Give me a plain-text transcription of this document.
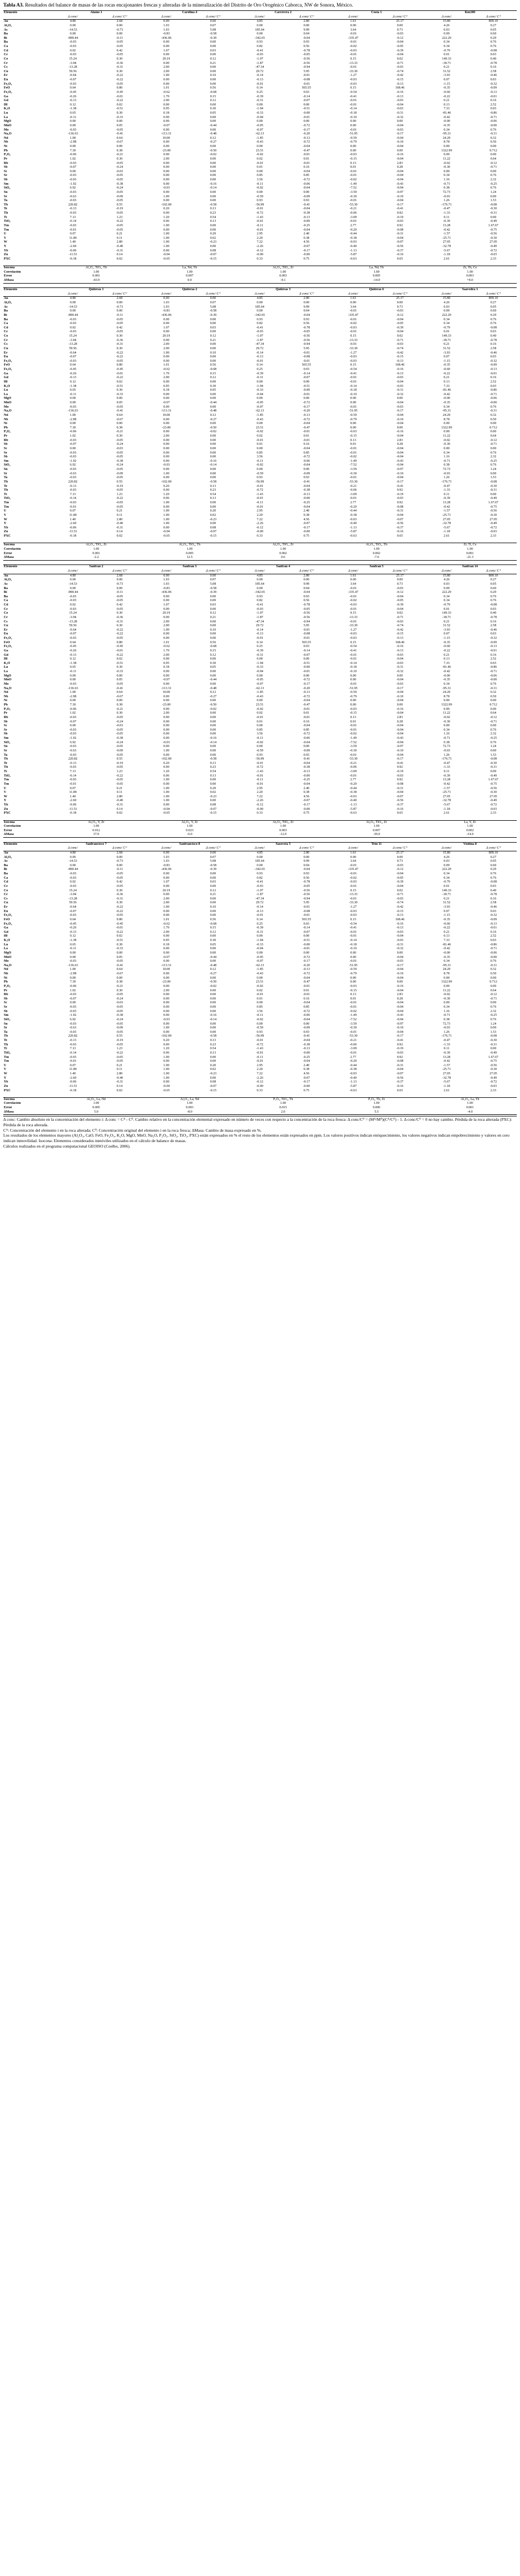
Tabla A3. Resultados del balance de masas de las rocas encajonantes frescas y alteradas de la mineralización del Distrito de Oro Orogénico Caborca, NW de Sonora, México.
Elemento	Alamo 1		Carolina 4		Carrerera 2		Costa 1		Km100	
	Δ conc/	Δ conc/ C⁰	Δ conc/	Δ conc/ C⁰	Δ conc/	Δ conc/ C⁰	Δ conc/	Δ conc/ C⁰	Δ conc/	Δ conc/ C⁰
Au	4.80	2.68	0.00	0.00	4.85	2.80	1.61	25.17	15.80	809.10
Al₂O₃	0.00	0.00	1.03	0.07	0.00	0.00	0.00	0.00	4.26	0.27
As	-14.53	-0.73	1.03	5.08	185.64	9.99	3.64	0.73	0.03	0.05
Ba	0.00	0.00	-0.83	-0.58	0.00	0.04	-0.01	-0.03	0.09	0.60
Bi	-890.44	-0.11	-436.06	-0.39	-342.65	-0.04	-335.47	-0.12	222.29	0.29
Ba	-0.03	-0.05	0.00	0.00	0.93	0.93	-0.01	-0.04	0.34	0.76
Ca	-0.03	-0.05	0.00	0.00	0.82	0.56	-0.02	-0.05	0.34	0.76
Cd	0.02	0.42	1.07	0.03	-0.41	-0.78	-0.03	-0.39	-0.79	-0.08
Ce	-0.03	-0.05	0.00	0.00	-0.03	-0.05	-0.01	-0.04	0.01	0.03
Co	15.24	0.30	20.19	0.12	-1.07	-0.56	0.15	0.02	149.33	0.40
Cr	-3.94	-0.36	0.00	0.21	-1.87	-0.56	-13.33	-0.71	-18.71	-0.78
Cs	-13.28	-0.31	2.00	0.00	-47.34	-0.94	-0.01	-0.03	0.21	0.16
Cu	59.56	0.30	2.00	0.00	29.72	5.95	-33.30	-0.74	31.52	2.58
Er	-0.64	-0.22	1.00	0.10	-0.14	-0.01	-1.27	-0.42	-3.93	-0.46
Eu	-0.07	-0.22	0.00	0.00	-0.13	-0.08	-0.03	-0.15	0.07	0.03
Fe₂O₃	-0.03	-0.05	0.00	0.00	-0.01	-0.01	-0.03	-0.13	-1.15	-0.32
FeO	0.64	0.80	1.01	0.56	0.14	565.55	0.15	168.46	-0.35	-0.09
Fe₂O₃	-0.45	-0.45	-0.62	-0.68	0.25	0.03	-0.54	-0.16	-0.60	-0.13
Ga	-0.26	-0.01	1.70	0.15	-0.39	-0.14	-0.41	-0.13	-0.22	-0.01
Gd	-0.13	-0.22	2.00	0.12	-0.31	-0.07	-0.01	-0.03	0.21	0.16
Hf	0.12	0.02	0.00	0.00	0.00	0.00	-0.01	-0.04	0.13	2.52
K₂O	-1.38	-0.51	0.95	0.30	-1.94	-0.51	-0.14	-0.03	7.33	0.03
Lu	0.65	0.30	0.18	0.05	-0.33	-0.00	-0.18	-0.31	-81.46	-0.86
La	-0.11	-0.33	0.00	0.00	-0.04	-0.01	-0.10	-0.32	-0.42	-0.71
MgO	0.00	0.00	0.00	0.00	0.00	0.00	0.00	0.00	-0.00	-0.06
MnO	0.00	0.05	-0.07	-0.44	-0.05	-0.72	0.00	-0.04	-0.35	-0.00
Mo	-0.03	-0.05	0.00	0.00	-0.07	-0.17	-0.01	-0.03	0.34	0.76
Na₂O	-136.63	-0.41	-113.31	-0.48	-62.13	-0.20	-51.95	-0.17	-95.31	-0.31
Nd	1.00	0.64	10.00	0.12	-1.85	-0.13	-0.59	-0.04	24.29	0.32
Nb	-2.98	-0.67	0.00	-0.27	-0.43	-0.72	-0.79	-0.10	8.78	0.50
Ni	0.00	0.00	0.00	0.00	0.00	-0.04	0.00	-0.04	0.00	0.00
Pb	7.30	0.38	-23.00	-0.50	23.51	-0.47	0.00	0.00	1322.99	0.712
P₂O₅	-0.06	-0.21	0.00	-0.02	-0.02	-0.01	-0.03	-0.16	0.00	0.00
Pr	1.02	0.30	2.00	0.00	0.02	0.01	-0.15	-0.04	11.22	0.64
Rb	-0.03	-0.05	0.00	0.00	-0.01	-0.01	0.13	2.83	-0.02	-0.12
Sb	-0.07	-0.24	0.00	0.00	0.01	0.16	0.01	0.28	-0.30	-0.71
Sc	0.00	-0.03	0.00	0.00	0.00	-0.04	-0.01	-0.04	0.00	0.00
Se	-0.03	-0.05	0.00	0.00	0.85	0.85	-0.01	-0.04	0.34	0.76
Sb	-0.03	-0.05	0.00	0.00	3.56	-0.72	-0.02	-0.04	1.16	2.32
Sm	-1.92	-0.38	0.00	-0.16	-0.11	-0.06	-1.49	-0.43	-0.71	-0.25
SiO₂	6.92	-0.24	-0.03	-0.14	-0.02	-0.04	-7.52	-0.94	0.38	0.76
Sn	-0.03	-0.05	0.00	0.00	0.00	0.00	-3.59	-0.97	72.73	1.24
Sr	-0.63	-0.09	1.00	0.00	-0.59	-0.09	-0.30	-0.10	-0.03	0.00
Ta	-0.03	-0.05	0.00	0.00	0.93	0.93	-0.01	-0.04	1.26	1.53
Tb	220.82	0.55	-102.00	-0.58	-56.99	-0.41	-53.30	-0.17	-176.71	-0.08
Te	-0.13	-0.19	0.20	0.13	-0.01	-0.04	-0.21	-0.41	-0.47	-0.30
Th	-0.03	-0.05	0.00	0.23	-0.72	-0.38	-0.06	0.92	-1.33	-0.31
Ti	7.13	1.23	1.20	0.54	-1.43	-0.13	-3.09	-0.19	0.11	0.00
TiO₂	-0.14	-0.22	0.06	0.13	-0.01	-0.00	-0.01	-0.03	-0.39	-0.49
Tm	-0.03	-0.05	1.00	0.00	-0.11	-0.25	2.77	0.92	13.28	1.67.67
Tm	-0.01	-0.05	0.00	0.00	-0.01	-0.04	-0.20	-0.08	-0.42	-0.75
U	0.07	0.21	1.00	0.20	2.95	2.40	-0.44	-0.31	-1.57	-0.56
V	11.08	0.11	1.00	0.02	2.20	0.38	-0.38	-0.04	-25.71	-0.30
W	1.40	2.80	1.00	-0.23	7.22	4.56	-0.03	-0.07	27.05	27.05
Y	-2.60	-0.40	1.00	0.00	-2.26	-0.07	-0.40	-0.56	-32.78	-0.49
Yb	-0.06	-0.31	0.00	0.08	-0.12	-0.17	-1.13	-0.37	-5.67	-0.72
Zn	-11.51	0.14	-0.04	-0.07	-0.00	-0.00	-5.87	-0.16	-1.18	-0.03
PXC	-0.18	0.02	-0.65	-0.15	0.33	0.75	-0.63	0.65	2.61	2.33

Isocona	Al₂O₃, TiO₂, Th		La, Nd, Th		Al₂O₃, TiO₂, Zr		La, Nd, Th		Zr, Th, Ce	
Correlación	1.00		1.00		1.00		1.00		1.00	
Error	0.001		0.007		0.003		0.005		0.003	
ΔMasa	-43.9		0.0		-9.1		-14.0		+8.0	

Elemento	Quiteras 1		Quiteras 2		Quiteras 3		Quiteras 6		Saavedra 1	
	Δ conc/	Δ conc/ C⁰	Δ conc/	Δ conc/ C⁰	Δ conc/	Δ conc/ C⁰	Δ conc/	Δ conc/ C⁰	Δ conc/	Δ conc/ C⁰
Au	4.80	2.68	0.00	0.00	4.85	2.80	1.61	25.17	15.80	809.10
Al₂O₃	0.00	0.00	1.03	0.07	0.00	0.00	0.00	0.00	4.26	0.27
As	-14.53	-0.73	1.03	5.08	185.64	9.99	3.64	0.73	0.03	0.05
Ba	0.00	0.00	-0.83	-0.58	0.00	0.04	-0.01	-0.03	0.09	0.60
Bi	-890.44	-0.11	-436.06	-0.39	-342.65	-0.04	-335.47	-0.12	222.29	0.29
Ba	-0.03	-0.05	0.00	0.00	0.93	0.93	-0.01	-0.04	0.34	0.76
Ca	-0.03	-0.05	0.00	0.00	0.82	0.56	-0.02	-0.05	0.34	0.76
Cd	0.02	0.42	1.07	0.03	-0.41	-0.78	-0.03	-0.39	-0.79	-0.08
Ce	-0.03	-0.05	0.00	0.00	-0.03	-0.05	-0.01	-0.04	0.01	0.03
Co	15.24	0.30	20.19	0.12	-1.07	-0.56	0.15	0.02	149.33	0.40
Cr	-3.94	-0.36	0.00	0.21	-1.87	-0.56	-13.33	-0.71	-18.71	-0.78
Cs	-13.28	-0.31	2.00	0.00	-47.34	-0.94	-0.01	-0.03	0.21	0.16
Cu	59.56	0.30	2.00	0.00	29.72	5.95	-33.30	-0.74	31.52	2.58
Er	-0.64	-0.22	1.00	0.10	-0.14	-0.01	-1.27	-0.42	-3.93	-0.46
Eu	-0.07	-0.22	0.00	0.00	-0.13	-0.08	-0.03	-0.15	0.07	0.03
Fe₂O₃	-0.03	-0.05	0.00	0.00	-0.01	-0.01	-0.03	-0.13	-1.15	-0.32
FeO	0.64	0.80	1.01	0.56	0.14	565.55	0.15	168.46	-0.35	-0.09
Fe₂O₃	-0.45	-0.45	-0.62	-0.68	0.25	0.03	-0.54	-0.16	-0.60	-0.13
Ga	-0.26	-0.01	1.70	0.15	-0.39	-0.14	-0.41	-0.13	-0.22	-0.01
Gd	-0.13	-0.22	2.00	0.12	-0.31	-0.07	-0.01	-0.03	0.21	0.16
Hf	0.12	0.02	0.00	0.00	0.00	0.00	-0.01	-0.04	0.13	2.52
K₂O	-1.38	-0.51	0.95	0.30	-1.94	-0.51	-0.14	-0.03	7.33	0.03
Lu	0.65	0.30	0.18	0.05	-0.33	-0.00	-0.18	-0.31	-81.46	-0.86
La	-0.11	-0.33	0.00	0.00	-0.04	-0.01	-0.10	-0.32	-0.42	-0.71
MgO	0.00	0.00	0.00	0.00	0.00	0.00	0.00	0.00	-0.00	-0.06
MnO	0.00	0.05	-0.07	-0.44	-0.05	-0.72	0.00	-0.04	-0.35	-0.00
Mo	-0.03	-0.05	0.00	0.00	-0.07	-0.17	-0.01	-0.03	0.34	0.76
Na₂O	-136.63	-0.41	-113.31	-0.48	-62.13	-0.20	-51.95	-0.17	-95.31	-0.31
Nd	1.00	0.64	10.00	0.12	-1.85	-0.13	-0.59	-0.04	24.29	0.32
Nb	-2.98	-0.67	0.00	-0.27	-0.43	-0.72	-0.79	-0.10	8.78	0.50
Ni	0.00	0.00	0.00	0.00	0.00	-0.04	0.00	-0.04	0.00	0.00
Pb	7.30	0.38	-23.00	-0.50	23.51	-0.47	0.00	0.00	1322.99	0.712
P₂O₅	-0.06	-0.21	0.00	-0.02	-0.02	-0.01	-0.03	-0.16	0.00	0.00
Pr	1.02	0.30	2.00	0.00	0.02	0.01	-0.15	-0.04	11.22	0.64
Rb	-0.03	-0.05	0.00	0.00	-0.01	-0.01	0.13	2.83	-0.02	-0.12
Sb	-0.07	-0.24	0.00	0.00	0.01	0.16	0.01	0.28	-0.30	-0.71
Sc	0.00	-0.03	0.00	0.00	0.00	-0.04	-0.01	-0.04	0.00	0.00
Se	-0.03	-0.05	0.00	0.00	0.85	0.85	-0.01	-0.04	0.34	0.76
Sb	-0.03	-0.05	0.00	0.00	3.56	-0.72	-0.02	-0.04	1.16	2.32
Sm	-1.92	-0.38	0.00	-0.16	-0.11	-0.06	-1.49	-0.43	-0.71	-0.25
SiO₂	6.92	-0.24	-0.03	-0.14	-0.02	-0.04	-7.52	-0.94	0.38	0.76
Sn	-0.03	-0.05	0.00	0.00	0.00	0.00	-3.59	-0.97	72.73	1.24
Sr	-0.63	-0.09	1.00	0.00	-0.59	-0.09	-0.30	-0.10	-0.03	0.00
Ta	-0.03	-0.05	0.00	0.00	0.93	0.93	-0.01	-0.04	1.26	1.53
Tb	220.82	0.55	-102.00	-0.58	-56.99	-0.41	-53.30	-0.17	-176.71	-0.08
Te	-0.13	-0.19	0.20	0.13	-0.01	-0.04	-0.21	-0.41	-0.47	-0.30
Th	-0.03	-0.05	0.00	0.23	-0.72	-0.38	-0.06	0.92	-1.33	-0.31
Ti	7.13	1.23	1.20	0.54	-1.43	-0.13	-3.09	-0.19	0.11	0.00
TiO₂	-0.14	-0.22	0.06	0.13	-0.01	-0.00	-0.01	-0.03	-0.39	-0.49
Tm	-0.03	-0.05	1.00	0.00	-0.11	-0.25	2.77	0.92	13.28	1.67.67
Tm	-0.01	-0.05	0.00	0.00	-0.01	-0.04	-0.20	-0.08	-0.42	-0.75
U	0.07	0.21	1.00	0.20	2.95	2.40	-0.44	-0.31	-1.57	-0.56
V	11.08	0.11	1.00	0.02	2.20	0.38	-0.38	-0.04	-25.71	-0.30
W	1.40	2.80	1.00	-0.23	7.22	4.56	-0.03	-0.07	27.05	27.05
Y	-2.60	-0.40	1.00	0.00	-2.26	-0.07	-0.40	-0.56	-32.78	-0.49
Yb	-0.06	-0.31	0.00	0.08	-0.12	-0.17	-1.13	-0.37	-5.67	-0.72
Zn	-11.51	0.14	-0.04	-0.07	-0.00	-0.00	-5.87	-0.16	-1.18	-0.03
PXC	-0.18	0.02	-0.65	-0.15	0.33	0.75	-0.63	0.65	2.61	2.33

Isocona	Al₂O₃, TiO₂, Zr		Al₂O₃, TiO₂, Th		Al₂O₃, TiO₂, Zr		Al₂O₃, TiO₂, Th		Zr, Ti, Ce	
Correlación	1.00		1.00		1.00		1.00		1.00	
Error	0.001		0.005		0.002		0.002		0.001	
ΔMasa	-2.2		12.5		0.6		-7.6		-21.3	

Elemento	Sanfran 2		Sanfran 3		Sanfran 4		Sanfran 5		Sanfran 14	
	Δ conc/	Δ conc/ C⁰	Δ conc/	Δ conc/ C⁰	Δ conc/	Δ conc/ C⁰	Δ conc/	Δ conc/ C⁰	Δ conc/	Δ conc/ C⁰
Au	4.80	2.68	0.00	0.00	4.85	2.80	1.61	25.17	15.80	809.10
Al₂O₃	0.00	0.00	1.03	0.07	0.00	0.00	0.00	0.00	4.26	0.27
As	-14.53	-0.73	1.03	5.08	185.64	9.99	3.64	0.73	0.03	0.05
Ba	0.00	0.00	-0.83	-0.58	0.00	0.04	-0.01	-0.03	0.09	0.60
Bi	-890.44	-0.11	-436.06	-0.39	-342.65	-0.04	-335.47	-0.12	222.29	0.29
Ba	-0.03	-0.05	0.00	0.00	0.93	0.93	-0.01	-0.04	0.34	0.76
Ca	-0.03	-0.05	0.00	0.00	0.82	0.56	-0.02	-0.05	0.34	0.76
Cd	0.02	0.42	1.07	0.03	-0.41	-0.78	-0.03	-0.39	-0.79	-0.08
Ce	-0.03	-0.05	0.00	0.00	-0.03	-0.05	-0.01	-0.04	0.01	0.03
Co	15.24	0.30	20.19	0.12	-1.07	-0.56	0.15	0.02	149.33	0.40
Cr	-3.94	-0.36	0.00	0.21	-1.87	-0.56	-13.33	-0.71	-18.71	-0.78
Cs	-13.28	-0.31	2.00	0.00	-47.34	-0.94	-0.01	-0.03	0.21	0.16
Cu	59.56	0.30	2.00	0.00	29.72	5.95	-33.30	-0.74	31.52	2.58
Er	-0.64	-0.22	1.00	0.10	-0.14	-0.01	-1.27	-0.42	-3.93	-0.46
Eu	-0.07	-0.22	0.00	0.00	-0.13	-0.08	-0.03	-0.15	0.07	0.03
Fe₂O₃	-0.03	-0.05	0.00	0.00	-0.01	-0.01	-0.03	-0.13	-1.15	-0.32
FeO	0.64	0.80	1.01	0.56	0.14	565.55	0.15	168.46	-0.35	-0.09
Fe₂O₃	-0.45	-0.45	-0.62	-0.68	0.25	0.03	-0.54	-0.16	-0.60	-0.13
Ga	-0.26	-0.01	1.70	0.15	-0.39	-0.14	-0.41	-0.13	-0.22	-0.01
Gd	-0.13	-0.22	2.00	0.12	-0.31	-0.07	-0.01	-0.03	0.21	0.16
Hf	0.12	0.02	0.00	0.00	0.00	0.00	-0.01	-0.04	0.13	2.52
K₂O	-1.38	-0.51	0.95	0.30	-1.94	-0.51	-0.14	-0.03	7.33	0.03
Lu	0.65	0.30	0.18	0.05	-0.33	-0.00	-0.18	-0.31	-81.46	-0.86
La	-0.11	-0.33	0.00	0.00	-0.04	-0.01	-0.10	-0.32	-0.42	-0.71
MgO	0.00	0.00	0.00	0.00	0.00	0.00	0.00	0.00	-0.00	-0.06
MnO	0.00	0.05	-0.07	-0.44	-0.05	-0.72	0.00	-0.04	-0.35	-0.00
Mo	-0.03	-0.05	0.00	0.00	-0.07	-0.17	-0.01	-0.03	0.34	0.76
Na₂O	-136.63	-0.41	-113.31	-0.48	-62.13	-0.20	-51.95	-0.17	-95.31	-0.31
Nd	1.00	0.64	10.00	0.12	-1.85	-0.13	-0.59	-0.04	24.29	0.32
Nb	-2.98	-0.67	0.00	-0.27	-0.43	-0.72	-0.79	-0.10	8.78	0.50
Ni	0.00	0.00	0.00	0.00	0.00	-0.04	0.00	-0.04	0.00	0.00
Pb	7.30	0.38	-23.00	-0.50	23.51	-0.47	0.00	0.00	1322.99	0.712
P₂O₅	-0.06	-0.21	0.00	-0.02	-0.02	-0.01	-0.03	-0.16	0.00	0.00
Pr	1.02	0.30	2.00	0.00	0.02	0.01	-0.15	-0.04	11.22	0.64
Rb	-0.03	-0.05	0.00	0.00	-0.01	-0.01	0.13	2.83	-0.02	-0.12
Sb	-0.07	-0.24	0.00	0.00	0.01	0.16	0.01	0.28	-0.30	-0.71
Sc	0.00	-0.03	0.00	0.00	0.00	-0.04	-0.01	-0.04	0.00	0.00
Se	-0.03	-0.05	0.00	0.00	0.85	0.85	-0.01	-0.04	0.34	0.76
Sb	-0.03	-0.05	0.00	0.00	3.56	-0.72	-0.02	-0.04	1.16	2.32
Sm	-1.92	-0.38	0.00	-0.16	-0.11	-0.06	-1.49	-0.43	-0.71	-0.25
SiO₂	6.92	-0.24	-0.03	-0.14	-0.02	-0.04	-7.52	-0.94	0.38	0.76
Sn	-0.03	-0.05	0.00	0.00	0.00	0.00	-3.59	-0.97	72.73	1.24
Sr	-0.63	-0.09	1.00	0.00	-0.59	-0.09	-0.30	-0.10	-0.03	0.00
Ta	-0.03	-0.05	0.00	0.00	0.93	0.93	-0.01	-0.04	1.26	1.53
Tb	220.82	0.55	-102.00	-0.58	-56.99	-0.41	-53.30	-0.17	-176.71	-0.08
Te	-0.13	-0.19	0.20	0.13	-0.01	-0.04	-0.21	-0.41	-0.47	-0.30
Th	-0.03	-0.05	0.00	0.23	-0.72	-0.38	-0.06	0.92	-1.33	-0.31
Ti	7.13	1.23	1.20	0.54	-1.43	-0.13	-3.09	-0.19	0.11	0.00
TiO₂	-0.14	-0.22	0.06	0.13	-0.01	-0.00	-0.01	-0.03	-0.39	-0.49
Tm	-0.03	-0.05	1.00	0.00	-0.11	-0.25	2.77	0.92	13.28	1.67.67
Tm	-0.01	-0.05	0.00	0.00	-0.01	-0.04	-0.20	-0.08	-0.42	-0.75
U	0.07	0.21	1.00	0.20	2.95	2.40	-0.44	-0.31	-1.57	-0.56
V	11.08	0.11	1.00	0.02	2.20	0.38	-0.38	-0.04	-25.71	-0.30
W	1.40	2.80	1.00	-0.23	7.22	4.56	-0.03	-0.07	27.05	27.05
Y	-2.60	-0.40	1.00	0.00	-2.26	-0.07	-0.40	-0.56	-32.78	-0.49
Yb	-0.06	-0.31	0.00	0.08	-0.12	-0.17	-1.13	-0.37	-5.67	-0.72
Zn	-11.51	0.14	-0.04	-0.07	-0.00	-0.00	-5.87	-0.16	-1.18	-0.03
PXC	-0.18	0.02	-0.65	-0.15	0.33	0.75	-0.63	0.65	2.61	2.33

Isocona	Al₂O₃, Y, Zr		Al₂O₃, Y, Zr		Al₂O₃, TiO₂, Zr		Al₂O₃, TiO₂, Zr		La, Y, Zr	
Correlación	1.00		1.00		1.00		1.00		1.00	
Error	0.012		0.023		0.003		0.007		0.002	
ΔMasa	37.0		-6.0		-12.0		-39.0		-14.0	

Elemento	Sanfrancisco 7		Sanfrancisco 8		Sasoveta 5		Trin 11		Visitina 8	
	Δ conc/	Δ conc/ C⁰	Δ conc/	Δ conc/ C⁰	Δ conc/	Δ conc/ C⁰	Δ conc/	Δ conc/ C⁰	Δ conc/	Δ conc/ C⁰
Au	4.80	2.68	0.00	0.00	4.85	2.80	1.61	25.17	15.80	809.10
Al₂O₃	0.00	0.00	1.03	0.07	0.00	0.00	0.00	0.00	4.26	0.27
As	-14.53	-0.73	1.03	5.08	185.64	9.99	3.64	0.73	0.03	0.05
Ba	0.00	0.00	-0.83	-0.58	0.00	0.04	-0.01	-0.03	0.09	0.60
Bi	-890.44	-0.11	-436.06	-0.39	-342.65	-0.04	-335.47	-0.12	222.29	0.29
Ba	-0.03	-0.05	0.00	0.00	0.93	0.93	-0.01	-0.04	0.34	0.76
Ca	-0.03	-0.05	0.00	0.00	0.82	0.56	-0.02	-0.05	0.34	0.76
Cd	0.02	0.42	1.07	0.03	-0.41	-0.78	-0.03	-0.39	-0.79	-0.08
Ce	-0.03	-0.05	0.00	0.00	-0.03	-0.05	-0.01	-0.04	0.01	0.03
Co	15.24	0.30	20.19	0.12	-1.07	-0.56	0.15	0.02	149.33	0.40
Cr	-3.94	-0.36	0.00	0.21	-1.87	-0.56	-13.33	-0.71	-18.71	-0.78
Cs	-13.28	-0.31	2.00	0.00	-47.34	-0.94	-0.01	-0.03	0.21	0.16
Cu	59.56	0.30	2.00	0.00	29.72	5.95	-33.30	-0.74	31.52	2.58
Er	-0.64	-0.22	1.00	0.10	-0.14	-0.01	-1.27	-0.42	-3.93	-0.46
Eu	-0.07	-0.22	0.00	0.00	-0.13	-0.08	-0.03	-0.15	0.07	0.03
Fe₂O₃	-0.03	-0.05	0.00	0.00	-0.01	-0.01	-0.03	-0.13	-1.15	-0.32
FeO	0.64	0.80	1.01	0.56	0.14	565.55	0.15	168.46	-0.35	-0.09
Fe₂O₃	-0.45	-0.45	-0.62	-0.68	0.25	0.03	-0.54	-0.16	-0.60	-0.13
Ga	-0.26	-0.01	1.70	0.15	-0.39	-0.14	-0.41	-0.13	-0.22	-0.01
Gd	-0.13	-0.22	2.00	0.12	-0.31	-0.07	-0.01	-0.03	0.21	0.16
Hf	0.12	0.02	0.00	0.00	0.00	0.00	-0.01	-0.04	0.13	2.52
K₂O	-1.38	-0.51	0.95	0.30	-1.94	-0.51	-0.14	-0.03	7.33	0.03
Lu	0.65	0.30	0.18	0.05	-0.33	-0.00	-0.18	-0.31	-81.46	-0.86
La	-0.11	-0.33	0.00	0.00	-0.04	-0.01	-0.10	-0.32	-0.42	-0.71
MgO	0.00	0.00	0.00	0.00	0.00	0.00	0.00	0.00	-0.00	-0.06
MnO	0.00	0.05	-0.07	-0.44	-0.05	-0.72	0.00	-0.04	-0.35	-0.00
Mo	-0.03	-0.05	0.00	0.00	-0.07	-0.17	-0.01	-0.03	0.34	0.76
Na₂O	-136.63	-0.41	-113.31	-0.48	-62.13	-0.20	-51.95	-0.17	-95.31	-0.31
Nd	1.00	0.64	10.00	0.12	-1.85	-0.13	-0.59	-0.04	24.29	0.32
Nb	-2.98	-0.67	0.00	-0.27	-0.43	-0.72	-0.79	-0.10	8.78	0.50
Ni	0.00	0.00	0.00	0.00	0.00	-0.04	0.00	-0.04	0.00	0.00
Pb	7.30	0.38	-23.00	-0.50	23.51	-0.47	0.00	0.00	1322.99	0.712
P₂O₅	-0.06	-0.21	0.00	-0.02	-0.02	-0.01	-0.03	-0.16	0.00	0.00
Pr	1.02	0.30	2.00	0.00	0.02	0.01	-0.15	-0.04	11.22	0.64
Rb	-0.03	-0.05	0.00	0.00	-0.01	-0.01	0.13	2.83	-0.02	-0.12
Sb	-0.07	-0.24	0.00	0.00	0.01	0.16	0.01	0.28	-0.30	-0.71
Sc	0.00	-0.03	0.00	0.00	0.00	-0.04	-0.01	-0.04	0.00	0.00
Se	-0.03	-0.05	0.00	0.00	0.85	0.85	-0.01	-0.04	0.34	0.76
Sb	-0.03	-0.05	0.00	0.00	3.56	-0.72	-0.02	-0.04	1.16	2.32
Sm	-1.92	-0.38	0.00	-0.16	-0.11	-0.06	-1.49	-0.43	-0.71	-0.25
SiO₂	6.92	-0.24	-0.03	-0.14	-0.02	-0.04	-7.52	-0.94	0.38	0.76
Sn	-0.03	-0.05	0.00	0.00	0.00	0.00	-3.59	-0.97	72.73	1.24
Sr	-0.63	-0.09	1.00	0.00	-0.59	-0.09	-0.30	-0.10	-0.03	0.00
Ta	-0.03	-0.05	0.00	0.00	0.93	0.93	-0.01	-0.04	1.26	1.53
Tb	220.82	0.55	-102.00	-0.58	-56.99	-0.41	-53.30	-0.17	-176.71	-0.08
Te	-0.13	-0.19	0.20	0.13	-0.01	-0.04	-0.21	-0.41	-0.47	-0.30
Th	-0.03	-0.05	0.00	0.23	-0.72	-0.38	-0.06	0.92	-1.33	-0.31
Ti	7.13	1.23	1.20	0.54	-1.43	-0.13	-3.09	-0.19	0.11	0.00
TiO₂	-0.14	-0.22	0.06	0.13	-0.01	-0.00	-0.01	-0.03	-0.39	-0.49
Tm	-0.03	-0.05	1.00	0.00	-0.11	-0.25	2.77	0.92	13.28	1.67.67
Tm	-0.01	-0.05	0.00	0.00	-0.01	-0.04	-0.20	-0.08	-0.42	-0.75
U	0.07	0.21	1.00	0.20	2.95	2.40	-0.44	-0.31	-1.57	-0.56
V	11.08	0.11	1.00	0.02	2.20	0.38	-0.38	-0.04	-25.71	-0.30
W	1.40	2.80	1.00	-0.23	7.22	4.56	-0.03	-0.07	27.05	27.05
Y	-2.60	-0.40	1.00	0.00	-2.26	-0.07	-0.40	-0.56	-32.78	-0.49
Yb	-0.06	-0.31	0.00	0.08	-0.12	-0.17	-1.13	-0.37	-5.67	-0.72
Zn	-11.51	0.14	-0.04	-0.07	-0.00	-0.00	-5.87	-0.16	-1.18	-0.03
PXC	-0.18	0.02	-0.65	-0.15	0.33	0.75	-0.63	0.65	2.61	2.33

Isocona	Al₂O₃, La, Nd		Al₂O₃, La, Nd		P₂O₅, TiO₂, Th		P₂O₅, Th, Zr		Al₂O₃, La, Th	
Correlación	1.00		1.00		1.00		1.00		1.00	
Error	0.005		0.003		0.015		0.006		0.001	
ΔMasa	5.0		-8.0		2.0		5.5		-4.0	

Δ conc: Cambio absoluto en la concentración del elemento i: Δ conc = Cᴬ - C⁰. Cambio relativo en la concentración elemental expresado en número de veces con respecto a la concentración de la roca fresca: Δ conc/C⁰ = (Mᴬ/M⁰)(Cᴬ/C⁰) - 1. Δ conc/C⁰ = 0 no hay cambio. Pérdida de la roca alterada (PXC): Pérdida de la roca alterada.

Cᴬ: Concentración del elemento i en la roca alterada; C⁰: Concentración original del elemento i en la roca fresca; ΔMasa: Cambio de masa expresado en %.

Los resultados de los elementos mayores (Al₂O₃, CaO, FeO, Fe₂O₃, K₂O, MgO, MnO, Na₂O, P₂O₅, SiO₂, TiO₂, PXC) están expresados en % el resto de los elementos están expresados en ppm. Los valores positivos indican enriquecimiento, los valores negativos indican empobrecimiento y valores en cero indican inmovilidad. Isocona: Elementos considerados inmóviles utilizados en el cálculo de balance de masas.

Cálculos realizados en el programa computacional GEOISO (Coelho, 2006).
